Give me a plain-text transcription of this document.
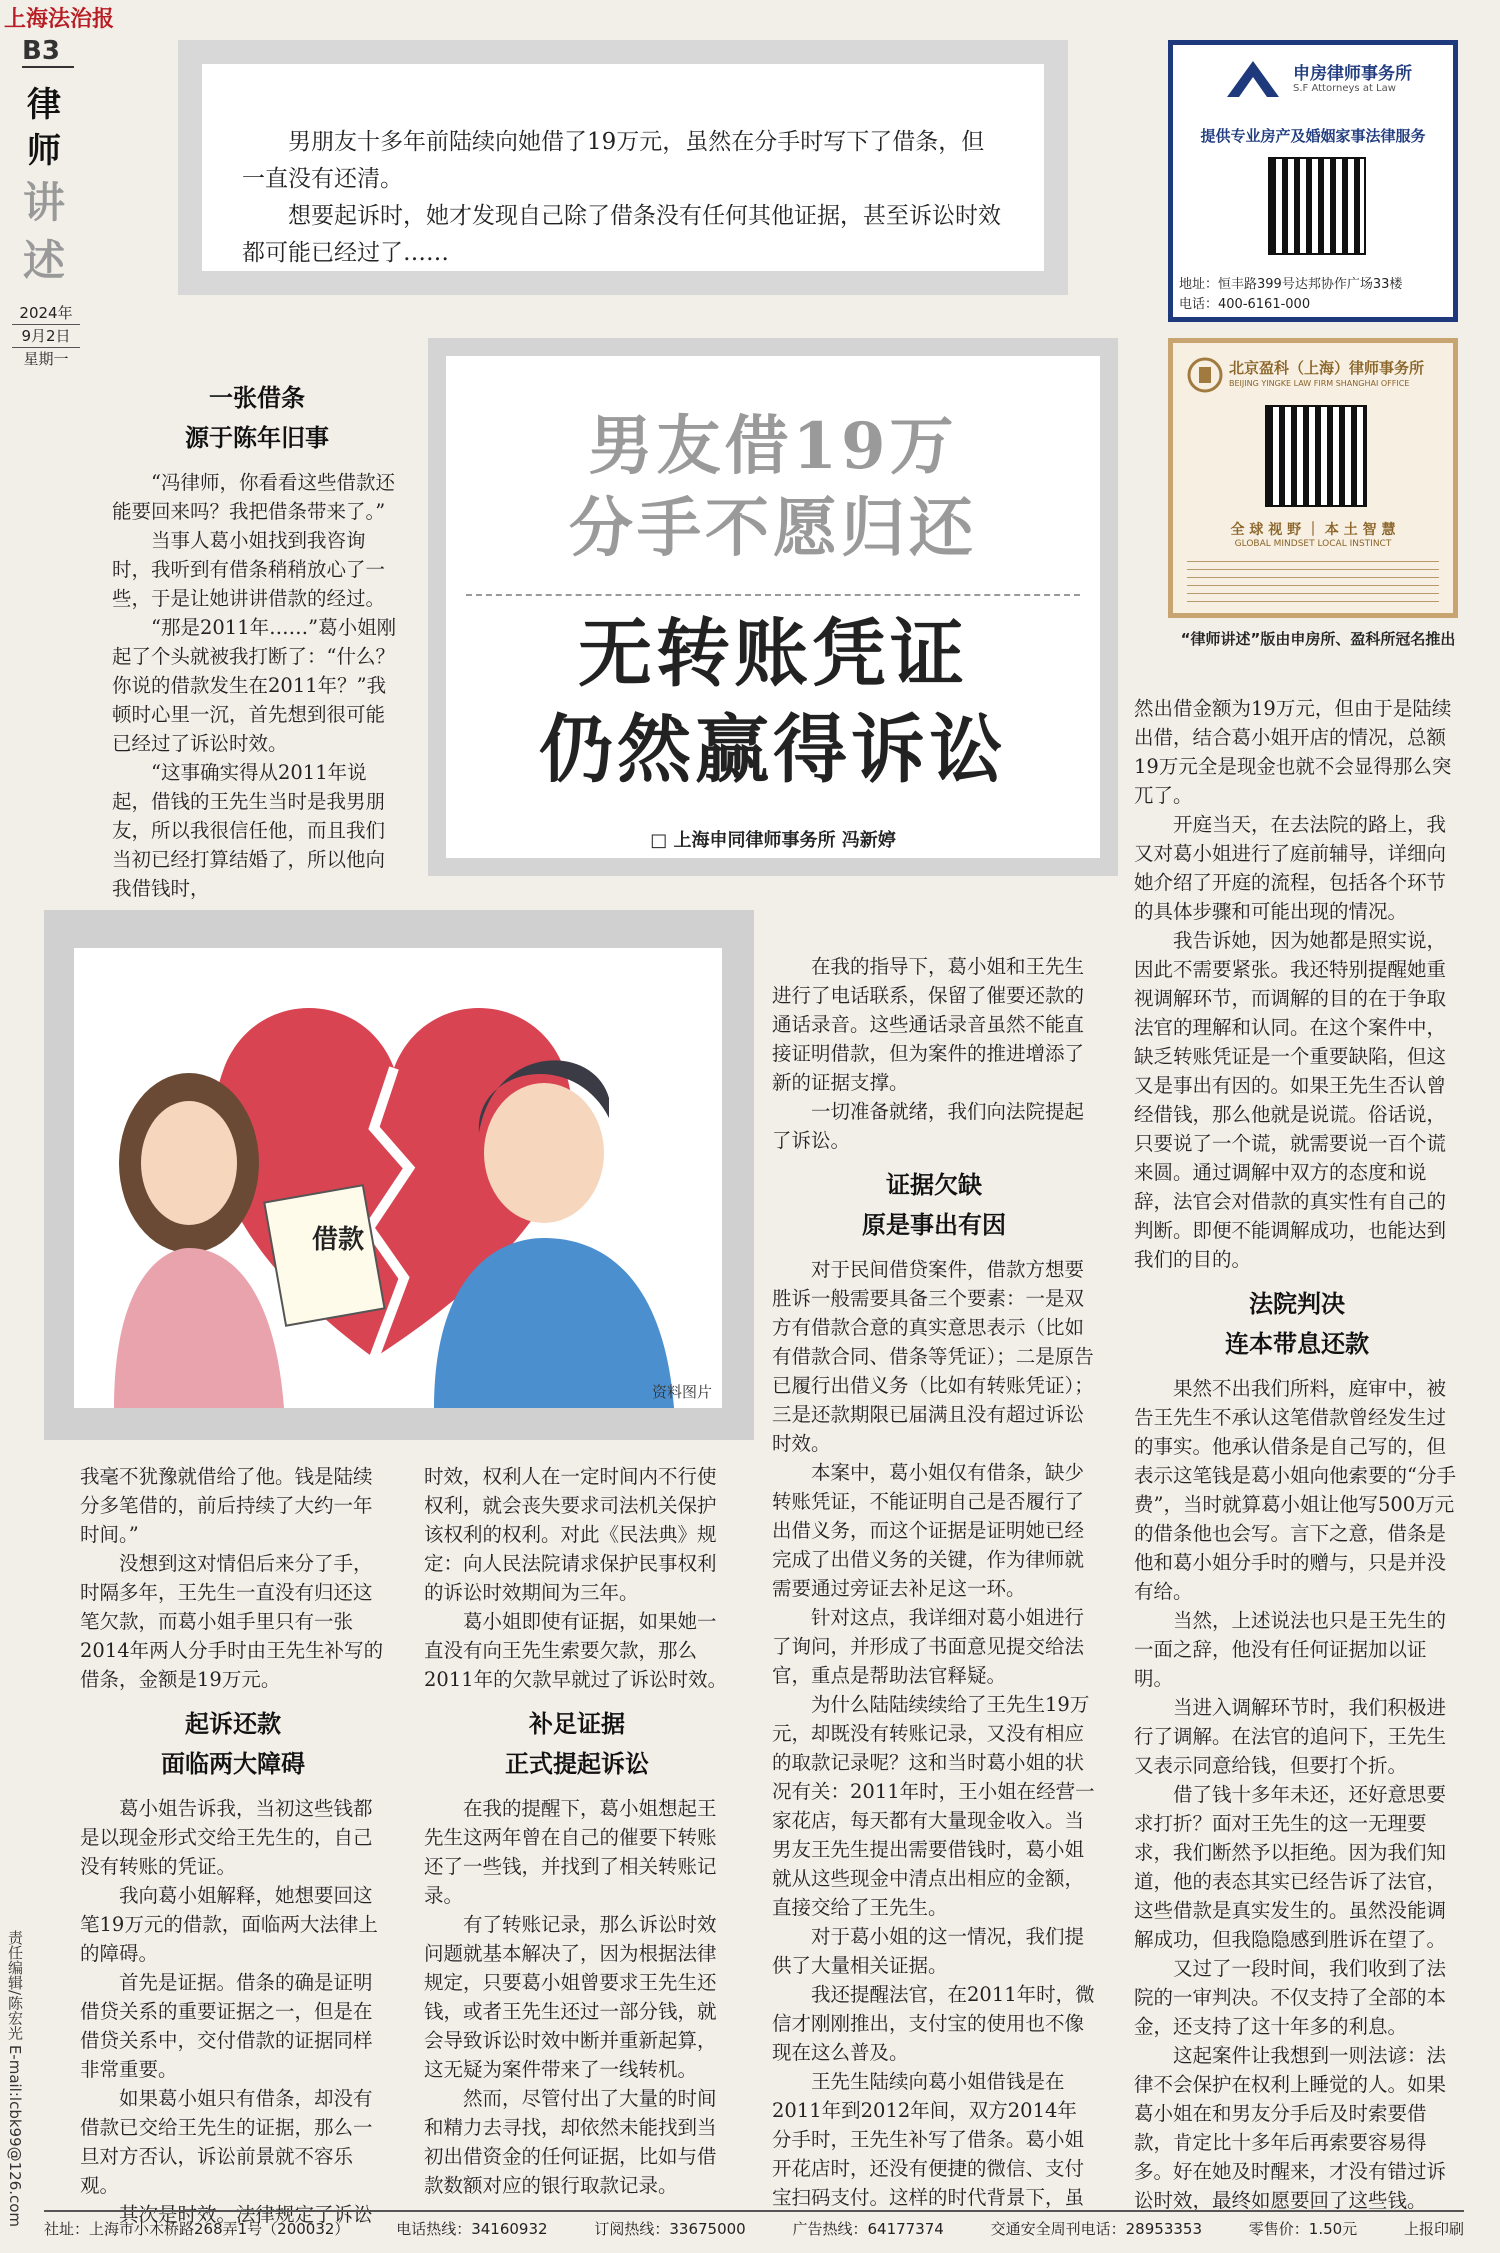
上海法治报
B3
律师
讲述
2024年
9月2日
星期一

男朋友十多年前陆续向她借了19万元，虽然在分手时写下了借条，但一直没有还清。

想要起诉时，她才发现自己除了借条没有任何其他证据，甚至诉讼时效都可能已经过了……

申房律师事务所
S.F Attorneys at Law
提供专业房产及婚姻家事法律服务
地址：恒丰路399号达邦协作广场33楼
电话：400-6161-000
北京盈科（上海）律师事务所
BEIJING YINGKE LAW FIRM SHANGHAI OFFICE
全 球 视 野 ｜ 本 土 智 慧
GLOBAL MINDSET LOCAL INSTINCT
“律师讲述”版由申房所、盈科所冠名推出
男友借19万
分手不愿归还
无转账凭证
仍然赢得诉讼
□ 上海申同律师事务所 冯新婷
借款
资料图片
一张借条
源于陈年旧事

“冯律师，你看看这些借款还能要回来吗？我把借条带来了。”

当事人葛小姐找到我咨询时，我听到有借条稍稍放心了一些，于是让她讲讲借款的经过。

“那是2011年……”葛小姐刚起了个头就被我打断了：“什么？你说的借款发生在2011年？”我顿时心里一沉，首先想到很可能已经过了诉讼时效。

“这事确实得从2011年说起，借钱的王先生当时是我男朋友，所以我很信任他，而且我们当初已经打算结婚了，所以他向我借钱时，

我毫不犹豫就借给了他。钱是陆续分多笔借的，前后持续了大约一年时间。”

没想到这对情侣后来分了手，时隔多年，王先生一直没有归还这笔欠款，而葛小姐手里只有一张2014年两人分手时由王先生补写的借条，金额是19万元。

起诉还款
面临两大障碍

葛小姐告诉我，当初这些钱都是以现金形式交给王先生的，自己没有转账的凭证。

我向葛小姐解释，她想要回这笔19万元的借款，面临两大法律上的障碍。

首先是证据。借条的确是证明借贷关系的重要证据之一，但是在借贷关系中，交付借款的证据同样非常重要。

如果葛小姐只有借条，却没有借款已交给王先生的证据，那么一旦对方否认，诉讼前景就不容乐观。

其次是时效。法律规定了诉讼

时效，权利人在一定时间内不行使权利，就会丧失要求司法机关保护该权利的权利。对此《民法典》规定：向人民法院请求保护民事权利的诉讼时效期间为三年。

葛小姐即使有证据，如果她一直没有向王先生索要欠款，那么2011年的欠款早就过了诉讼时效。

补足证据
正式提起诉讼

在我的提醒下，葛小姐想起王先生这两年曾在自己的催要下转账还了一些钱，并找到了相关转账记录。

有了转账记录，那么诉讼时效问题就基本解决了，因为根据法律规定，只要葛小姐曾要求王先生还钱，或者王先生还过一部分钱，就会导致诉讼时效中断并重新起算，这无疑为案件带来了一线转机。

然而，尽管付出了大量的时间和精力去寻找，却依然未能找到当初出借资金的任何证据，比如与借款数额对应的银行取款记录。

在我的指导下，葛小姐和王先生进行了电话联系，保留了催要还款的通话录音。这些通话录音虽然不能直接证明借款，但为案件的推进增添了新的证据支撑。

一切准备就绪，我们向法院提起了诉讼。

证据欠缺
原是事出有因

对于民间借贷案件，借款方想要胜诉一般需要具备三个要素：一是双方有借款合意的真实意思表示（比如有借款合同、借条等凭证）；二是原告已履行出借义务（比如有转账凭证）；三是还款期限已届满且没有超过诉讼时效。

本案中，葛小姐仅有借条，缺少转账凭证，不能证明自己是否履行了出借义务，而这个证据是证明她已经完成了出借义务的关键，作为律师就需要通过旁证去补足这一环。

针对这点，我详细对葛小姐进行了询问，并形成了书面意见提交给法官，重点是帮助法官释疑。

为什么陆陆续续给了王先生19万元，却既没有转账记录，又没有相应的取款记录呢？这和当时葛小姐的状况有关：2011年时，王小姐在经营一家花店，每天都有大量现金收入。当男友王先生提出需要借钱时，葛小姐就从这些现金中清点出相应的金额，直接交给了王先生。

对于葛小姐的这一情况，我们提供了大量相关证据。

我还提醒法官，在2011年时，微信才刚刚推出，支付宝的使用也不像现在这么普及。

王先生陆续向葛小姐借钱是在2011年到2012年间，双方2014年分手时，王先生补写了借条。葛小姐开花店时，还没有便捷的微信、支付宝扫码支付。这样的时代背景下，虽

然出借金额为19万元，但由于是陆续出借，结合葛小姐开店的情况，总额19万元全是现金也就不会显得那么突兀了。

开庭当天，在去法院的路上，我又对葛小姐进行了庭前辅导，详细向她介绍了开庭的流程，包括各个环节的具体步骤和可能出现的情况。

我告诉她，因为她都是照实说，因此不需要紧张。我还特别提醒她重视调解环节，而调解的目的在于争取法官的理解和认同。在这个案件中，缺乏转账凭证是一个重要缺陷，但这又是事出有因的。如果王先生否认曾经借钱，那么他就是说谎。俗话说，只要说了一个谎，就需要说一百个谎来圆。通过调解中双方的态度和说辞，法官会对借款的真实性有自己的判断。即便不能调解成功，也能达到我们的目的。

法院判决
连本带息还款

果然不出我们所料，庭审中，被告王先生不承认这笔借款曾经发生过的事实。他承认借条是自己写的，但表示这笔钱是葛小姐向他索要的“分手费”，当时就算葛小姐让他写500万元的借条他也会写。言下之意，借条是他和葛小姐分手时的赠与，只是并没有给。

当然，上述说法也只是王先生的一面之辞，他没有任何证据加以证明。

当进入调解环节时，我们积极进行了调解。在法官的追问下，王先生又表示同意给钱，但要打个折。

借了钱十多年未还，还好意思要求打折？面对王先生的这一无理要求，我们断然予以拒绝。因为我们知道，他的表态其实已经告诉了法官，这些借款是真实发生的。虽然没能调解成功，但我隐隐感到胜诉在望了。

又过了一段时间，我们收到了法院的一审判决。不仅支持了全部的本金，还支持了这十年多的利息。

这起案件让我想到一则法谚：法律不会保护在权利上睡觉的人。如果葛小姐在和男友分手后及时索要借款，肯定比十多年后再索要容易得多。好在她及时醒来，才没有错过诉讼时效，最终如愿要回了这些钱。

责任编辑/陈宏光 E-mail:lcbk99@126.com
社址：上海市小木桥路268弄1号（200032）	电话热线：34160932	订阅热线：33675000	广告热线：64177374	交通安全周刊电话：28953353	零售价：1.50元	上报印刷
